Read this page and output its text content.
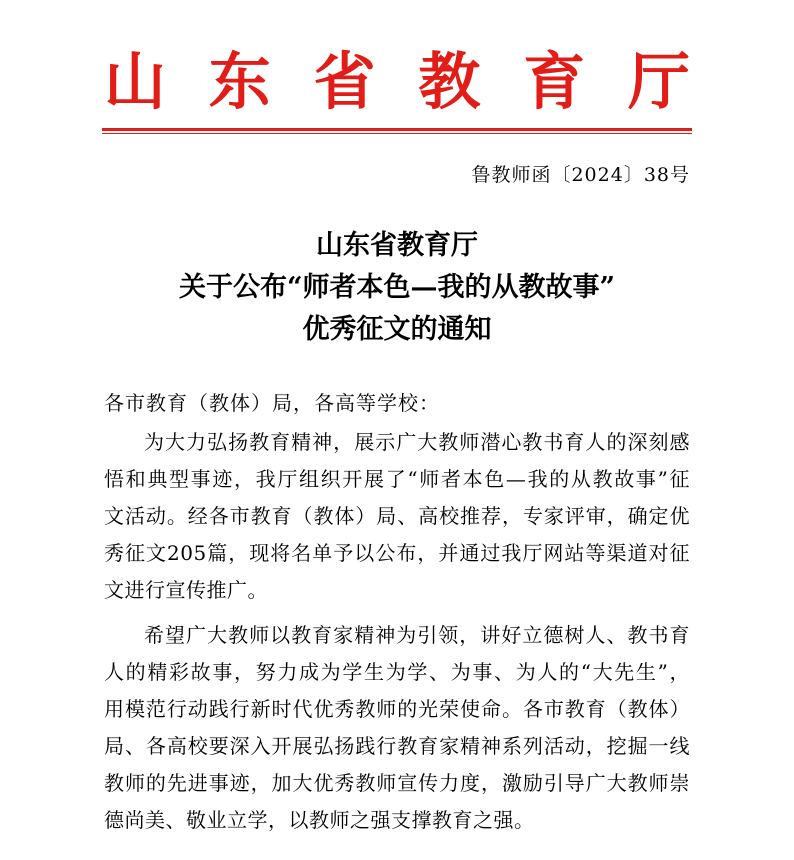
山 东 省 教 育 厅
鲁教师函〔2024〕38号
山东省教育厅
关于公布“师者本色—我的从教故事”
优秀征文的通知
各市教育（教体）局，各高等学校：
为大力弘扬教育精神，展示广大教师潜心教书育人的深刻感
悟和典型事迹，我厅组织开展了“师者本色—我的从教故事”征
文活动。经各市教育（教体）局、高校推荐，专家评审，确定优
秀征文205篇，现将名单予以公布，并通过我厅网站等渠道对征
文进行宣传推广。
希望广大教师以教育家精神为引领，讲好立德树人、教书育
人的精彩故事，努力成为学生为学、为事、为人的“大先生”，
用模范行动践行新时代优秀教师的光荣使命。各市教育（教体）
局、各高校要深入开展弘扬践行教育家精神系列活动，挖掘一线
教师的先进事迹，加大优秀教师宣传力度，激励引导广大教师崇
德尚美、敬业立学，以教师之强支撑教育之强。
